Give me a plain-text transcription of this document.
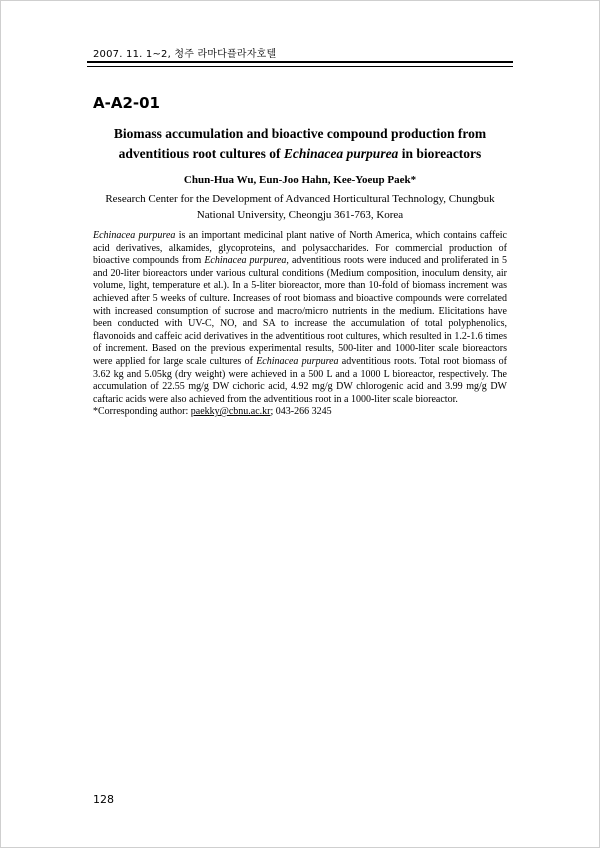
2007. 11. 1~2, 청주 라마다플라자호텔
A-A2-01
Biomass accumulation and bioactive compound production from adventitious root cultures of Echinacea purpurea in bioreactors
Chun-Hua Wu, Eun-Joo Hahn, Kee-Yoeup Paek*
Research Center for the Development of Advanced Horticultural Technology, Chungbuk
National University, Cheongju 361-763, Korea
Echinacea purpurea is an important medicinal plant native of North America, which contains caffeic acid derivatives, alkamides, glycoproteins, and polysaccharides. For commercial production of bioactive compounds from Echinacea purpurea, adventitious roots were induced and proliferated in 5 and 20-liter bioreactors under various cultural conditions (Medium composition, inoculum density, air volume, light, temperature et al.). In a 5-liter bioreactor, more than 10-fold of biomass increment was achieved after 5 weeks of culture. Increases of root biomass and bioactive compounds were correlated with increased consumption of sucrose and macro/micro nutrients in the medium. Elicitations have been conducted with UV-C, NO, and SA to increase the accumulation of total polyphenolics, flavonoids and caffeic acid derivatives in the adventitious root cultures, which resulted in 1.2-1.6 times of increment. Based on the previous experimental results, 500-liter and 1000-liter scale bioreactors were applied for large scale cultures of Echinacea purpurea adventitious roots. Total root biomass of 3.62 kg and 5.05kg (dry weight) were achieved in a 500 L and a 1000 L bioreactor, respectively. The accumulation of 22.55 mg/g DW cichoric acid, 4.92 mg/g DW chlorogenic acid and 3.99 mg/g DW caftaric acids were also achieved from the adventitious root in a 1000-liter scale bioreactor.
*Corresponding author: paekky@cbnu.ac.kr; 043-266 3245
128
